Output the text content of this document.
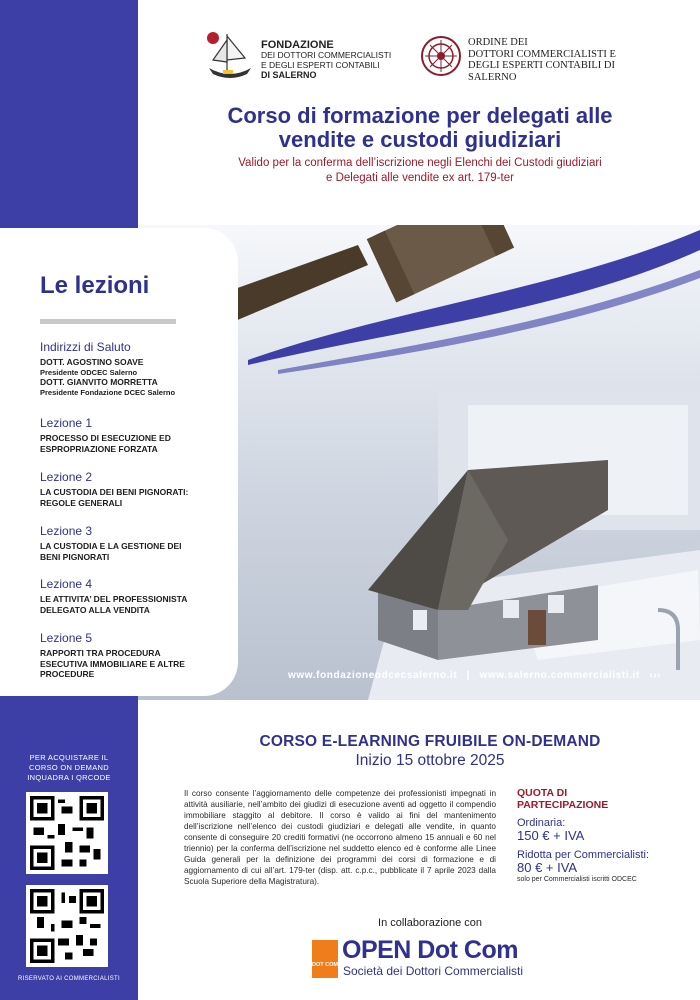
www.fondazioneodcecsalerno.it | www.salerno.commercialisti.it ›››
FONDAZIONE
DEI DOTTORI COMMERCIALISTI
E DEGLI ESPERTI CONTABILI
DI SALERNO
ORDINE DEI
DOTTORI COMMERCIALISTI E
DEGLI ESPERTI CONTABILI DI
SALERNO
Corso di formazione per delegati alle
vendite e custodi giudiziari
Valido per la conferma dell’iscrizione negli Elenchi dei Custodi giudiziari
e Delegati alle vendite ex art. 179-ter
Le lezioni
Indirizzi di Saluto
DOTT. AGOSTINO SOAVE
Presidente ODCEC Salerno
DOTT. GIANVITO MORRETTA
Presidente Fondazione DCEC Salerno
Lezione 1
PROCESSO DI ESECUZIONE ED
ESPROPRIAZIONE FORZATA
Lezione 2
LA CUSTODIA DEI BENI PIGNORATI:
REGOLE GENERALI
Lezione 3
LA CUSTODIA E LA GESTIONE DEI
BENI PIGNORATI
Lezione 4
LE ATTIVITA’ DEL PROFESSIONISTA
DELEGATO ALLA VENDITA
Lezione 5
RAPPORTI TRA PROCEDURA
ESECUTIVA IMMOBILIARE E ALTRE
PROCEDURE
PER ACQUISTARE IL
CORSO ON DEMAND
INQUADRA I QRCODE
RISERVATO AI COMMERCIALISTI
CORSO E-LEARNING FRUIBILE ON-DEMAND
Inizio 15 ottobre 2025
Il corso consente l’aggiornamento delle competenze dei professionisti impegnati in attività ausiliarie, nell’ambito dei giudizi di esecuzione aventi ad oggetto il compendio immobiliare staggito al debitore. Il corso è valido ai fini del mantenimento dell’iscrizione nell’elenco dei custodi giudiziari e delegati alle vendite, in quanto consente di conseguire 20 crediti formativi (ne occorrono almeno 15 annuali e 60 nel triennio) per la conferma dell’iscrizione nel suddetto elenco ed è conforme alle Linee Guida generali per la definizione dei programmi dei corsi di formazione e di aggiornamento di cui all’art. 179-ter (disp. att. c.p.c., pubblicate il 7 aprile 2023 dalla Scuola Superiore della Magistratura).
QUOTA DI
PARTECIPAZIONE
Ordinaria:
150 € + IVA
Ridotta per Commercialisti:
80 € + IVA
solo per Commercialisti iscritti ODCEC
In collaborazione con
DOT COM
OPEN Dot Com
Società dei Dottori Commercialisti
